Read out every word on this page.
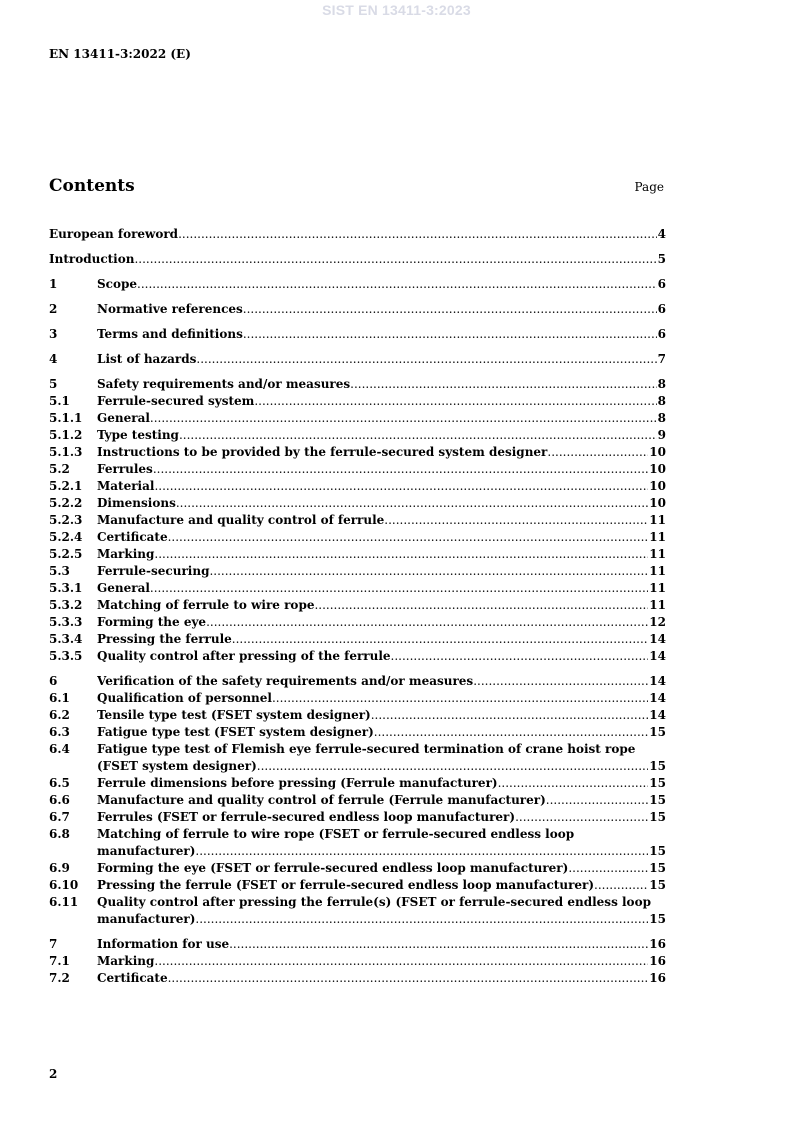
SIST EN 13411-3:2023
EN 13411-3:2022 (E)
Contents	Page
European foreword .....	4
Introduction .....	5
1	Scope .....	6
2	Normative references .....	6
3	Terms and definitions .....	6
4	List of hazards .....	7
5	Safety requirements and/or measures .....	8
5.1	Ferrule-secured system .....	8
5.1.1	General .....	8
5.1.2	Type testing .....	9
5.1.3	Instructions to be provided by the ferrule-secured system designer .....	10
5.2	Ferrules .....	10
5.2.1	Material .....	10
5.2.2	Dimensions .....	10
5.2.3	Manufacture and quality control of ferrule .....	11
5.2.4	Certificate .....	11
5.2.5	Marking .....	11
5.3	Ferrule-securing .....	11
5.3.1	General .....	11
5.3.2	Matching of ferrule to wire rope .....	11
5.3.3	Forming the eye .....	12
5.3.4	Pressing the ferrule .....	14
5.3.5	Quality control after pressing of the ferrule .....	14
6	Verification of the safety requirements and/or measures .....	14
6.1	Qualification of personnel .....	14
6.2	Tensile type test (FSET system designer) .....	14
6.3	Fatigue type test (FSET system designer) .....	15
6.4	Fatigue type test of Flemish eye ferrule-secured termination of crane hoist rope
(FSET system designer) .....	15
6.5	Ferrule dimensions before pressing (Ferrule manufacturer) .....	15
6.6	Manufacture and quality control of ferrule (Ferrule manufacturer) .....	15
6.7	Ferrules (FSET or ferrule-secured endless loop manufacturer) .....	15
6.8	Matching of ferrule to wire rope (FSET or ferrule-secured endless loop
manufacturer) .....	15
6.9	Forming the eye (FSET or ferrule-secured endless loop manufacturer) .....	15
6.10	Pressing the ferrule (FSET or ferrule-secured endless loop manufacturer) .....	15
6.11	Quality control after pressing the ferrule(s) (FSET or ferrule-secured endless loop
manufacturer) .....	15
7	Information for use .....	16
7.1	Marking .....	16
7.2	Certificate .....	16
2
